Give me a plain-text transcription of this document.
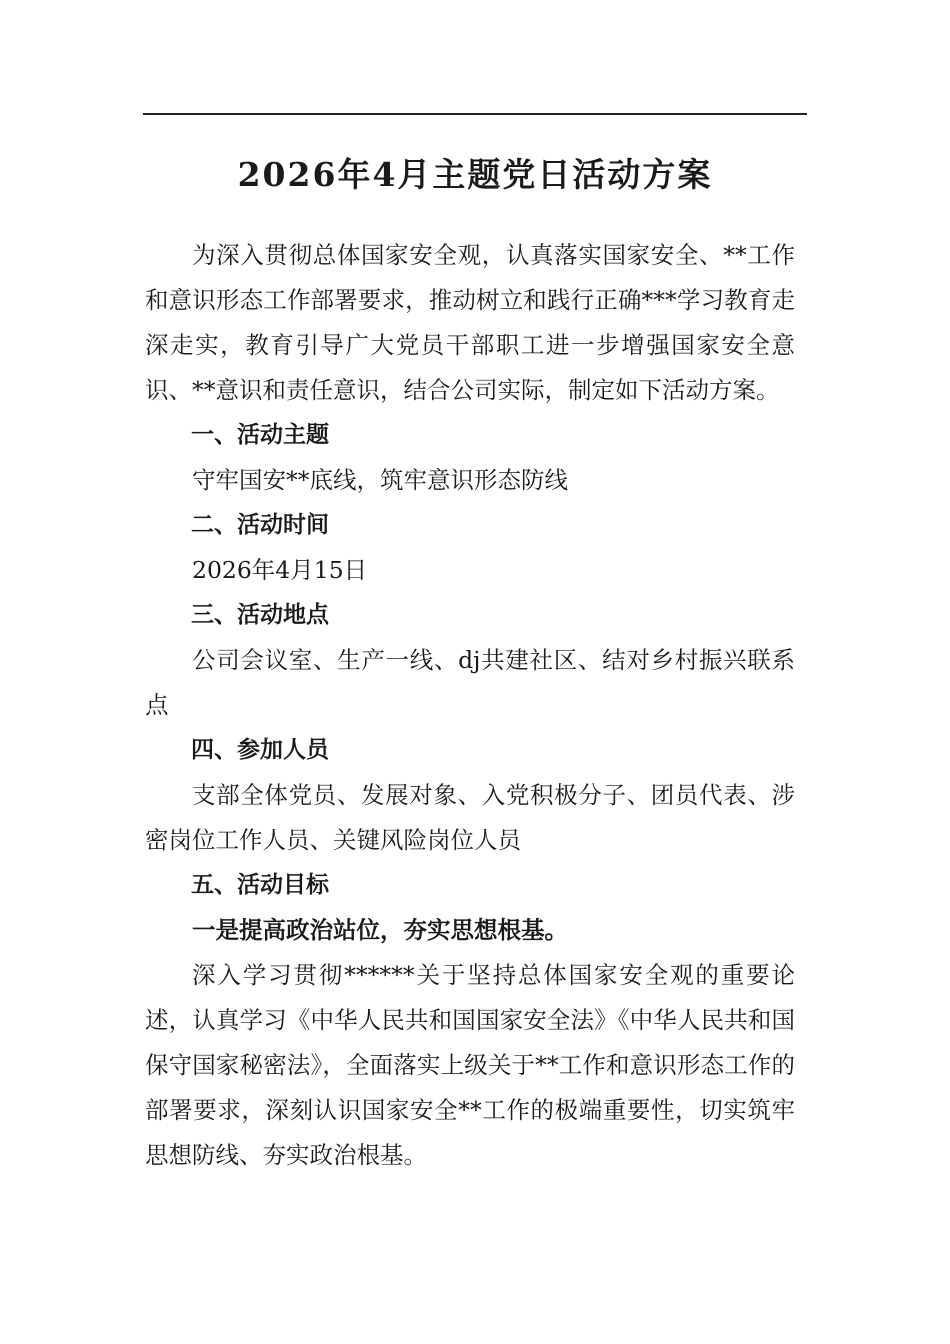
2026年4月主题党日活动方案

为深入贯彻总体国家安全观，认真落实国家安全、**工作和意识形态工作部署要求，推动树立和践行正确***学习教育走深走实，教育引导广大党员干部职工进一步增强国家安全意识、**意识和责任意识，结合公司实际，制定如下活动方案。

一、活动主题

守牢国安**底线，筑牢意识形态防线

二、活动时间

2026年4月15日

三、活动地点

公司会议室、生产一线、dj共建社区、结对乡村振兴联系点

四、参加人员

支部全体党员、发展对象、入党积极分子、团员代表、涉密岗位工作人员、关键风险岗位人员

五、活动目标

一是提高政治站位，夯实思想根基。

深入学习贯彻******关于坚持总体国家安全观的重要论述，认真学习《中华人民共和国国家安全法》《中华人民共和国保守国家秘密法》，全面落实上级关于**工作和意识形态工作的部署要求，深刻认识国家安全**工作的极端重要性，切实筑牢思想防线、夯实政治根基。
